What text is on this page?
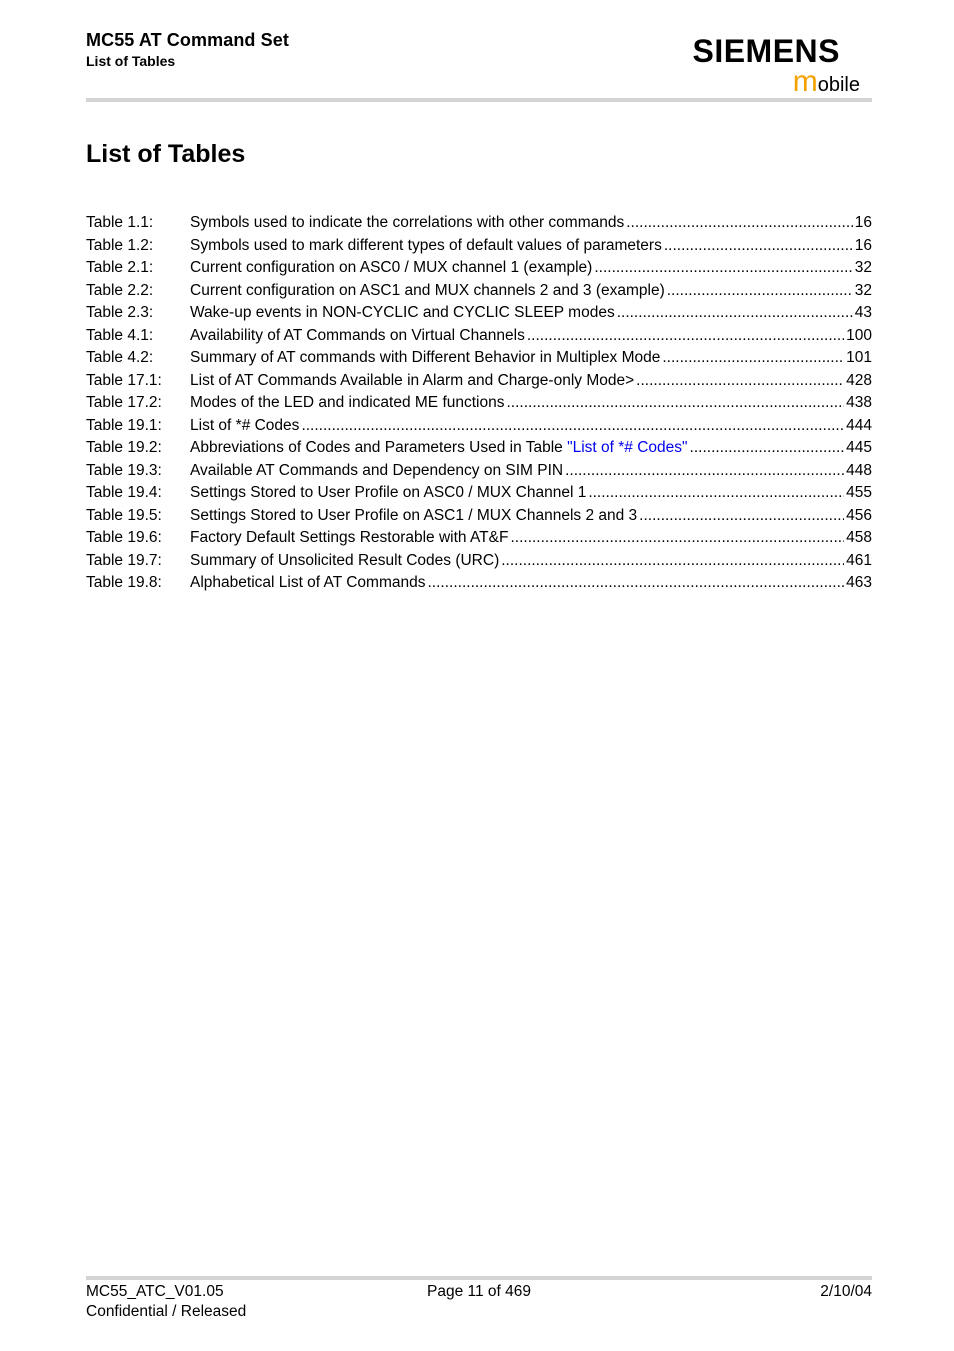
MC55 AT Command Set
List of Tables	SIEMENS
mobile
List of Tables
Table 1.1:	Symbols used to indicate the correlations with other commands .....	16
Table 1.2:	Symbols used to mark different types of default values of parameters .....	16
Table 2.1:	Current configuration on ASC0 / MUX channel 1 (example) .....	32
Table 2.2:	Current configuration on ASC1 and MUX channels 2 and 3 (example) .....	32
Table 2.3:	Wake-up events in NON-CYCLIC and CYCLIC SLEEP modes .....	43
Table 4.1:	Availability of AT Commands on Virtual Channels .....	100
Table 4.2:	Summary of AT commands with Different Behavior in Multiplex Mode .....	101
Table 17.1:	List of AT Commands Available in Alarm and Charge-only Mode> .....	428
Table 17.2:	Modes of the LED and indicated ME functions .....	438
Table 19.1:	List of *# Codes .....	444
Table 19.2:	Abbreviations of Codes and Parameters Used in Table "List of *# Codes" .....	445
Table 19.3:	Available AT Commands and Dependency on SIM PIN .....	448
Table 19.4:	Settings Stored to User Profile on ASC0 / MUX Channel 1 .....	455
Table 19.5:	Settings Stored to User Profile on ASC1 / MUX Channels 2 and 3 .....	456
Table 19.6:	Factory Default Settings Restorable with AT&F .....	458
Table 19.7:	Summary of Unsolicited Result Codes (URC) .....	461
Table 19.8:	Alphabetical List of AT Commands .....	463
MC55_ATC_V01.05
Confidential / Released
Page 11 of 469	2/10/04
